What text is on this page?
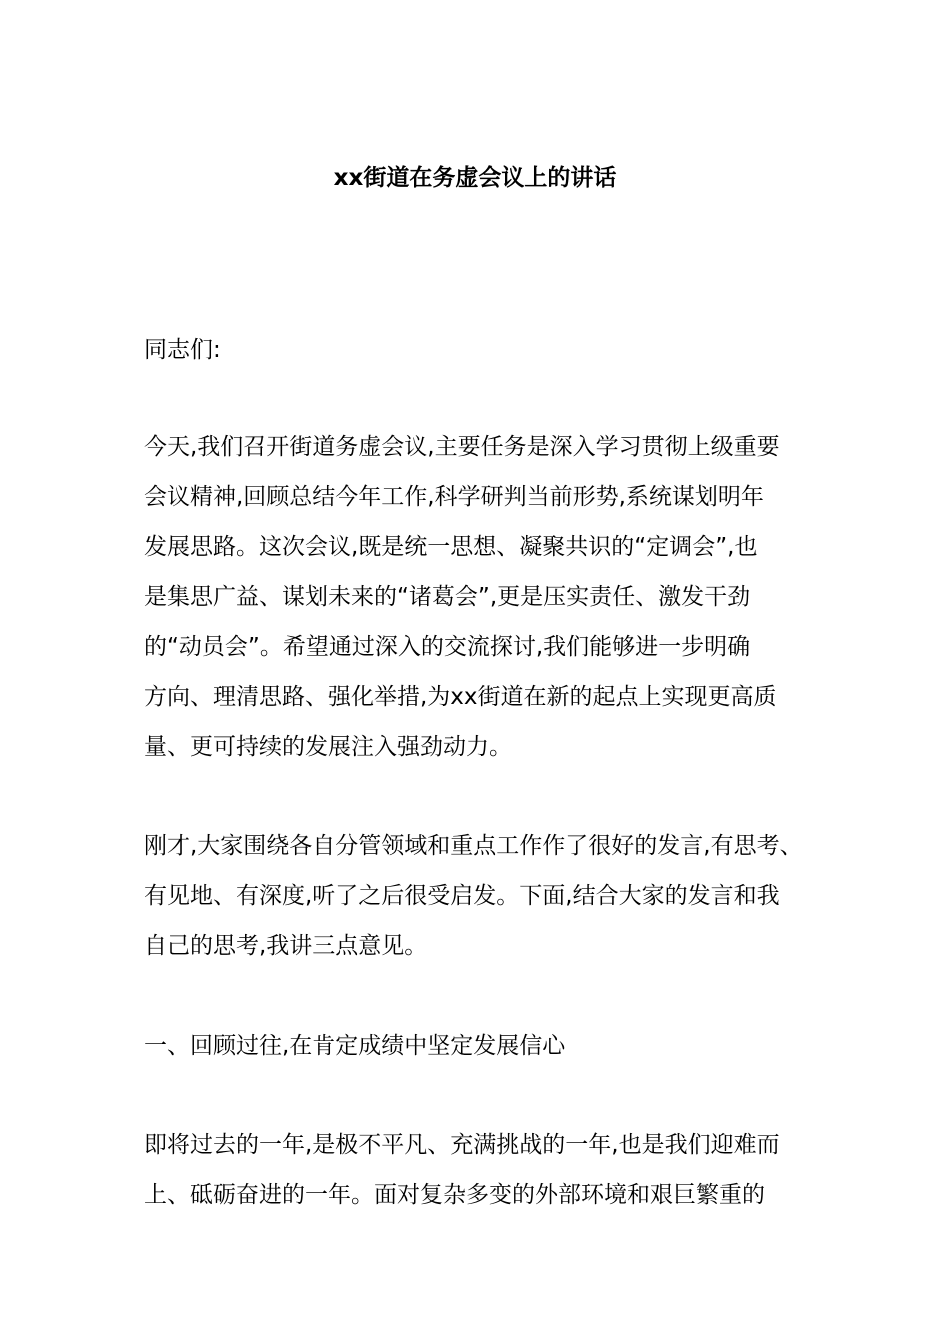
xx街道在务虚会议上的讲话
同志们:
今天,我们召开街道务虚会议,主要任务是深入学习贯彻上级重要
会议精神,回顾总结今年工作,科学研判当前形势,系统谋划明年
发展思路。这次会议,既是统一思想、凝聚共识的“定调会”,也
是集思广益、谋划未来的“诸葛会”,更是压实责任、激发干劲
的“动员会”。希望通过深入的交流探讨,我们能够进一步明确
方向、理清思路、强化举措,为xx街道在新的起点上实现更高质
量、更可持续的发展注入强劲动力。
刚才,大家围绕各自分管领域和重点工作作了很好的发言,有思考、
有见地、有深度,听了之后很受启发。下面,结合大家的发言和我
自己的思考,我讲三点意见。
一、回顾过往,在肯定成绩中坚定发展信心
即将过去的一年,是极不平凡、充满挑战的一年,也是我们迎难而
上、砥砺奋进的一年。面对复杂多变的外部环境和艰巨繁重的
